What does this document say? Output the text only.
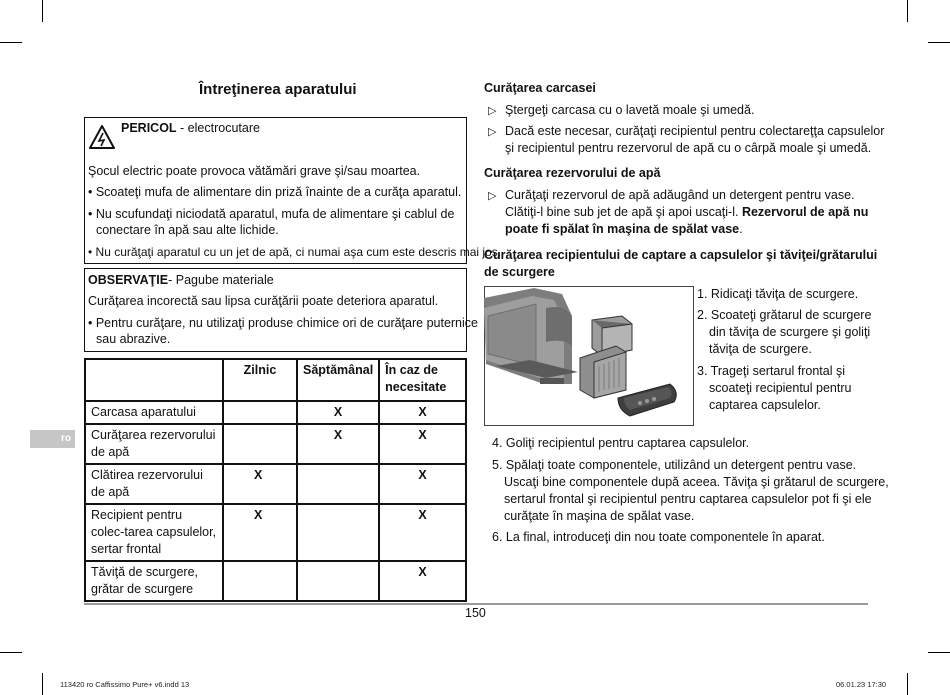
Întreţinerea aparatului
PERICOL - electrocutare
Şocul electric poate provoca vătămări grave şi/sau moartea.
• Scoateţi mufa de alimentare din priză înainte de a curăţa aparatul.
• Nu scufundaţi niciodată aparatul, mufa de alimentare şi cablul de
conectare în apă sau alte lichide.
• Nu curăţaţi aparatul cu un jet de apă, ci numai aşa cum este descris mai jos.
OBSERVAŢIE- Pagube materiale
Curăţarea incorectă sau lipsa curăţării poate deteriora aparatul.
• Pentru curăţare, nu utilizaţi produse chimice ori de curăţare puternice
sau abrazive.
	Zilnic	Săptămânal	În caz de necesitate
Carcasa aparatului		X	X
Curăţarea rezervorului de apă		X	X
Clătirea rezervorului de apă	X		X
Recipient pentru colec-tarea capsulelor, sertar frontal	X		X
Tăviţă de scurgere, grătar de scurgere			X
ro
Curăţarea carcasei
▷ Ştergeţi carcasa cu o lavetă moale şi umedă.
▷ Dacă este necesar, curăţaţi recipientul pentru colectareţţa capsulelor
şi recipientul pentru rezervorul de apă cu o cârpă moale şi umedă.
Curăţarea rezervorului de apă
▷ Curăţaţi rezervorul de apă adăugând un detergent pentru vase.
Clătiţi-l bine sub jet de apă şi apoi uscaţi-l. Rezervorul de apă nu
poate fi spălat în maşina de spălat vase.
Curăţarea recipientului de captare a capsulelor şi tăviţei/grătarului
de scurgere
1. Ridicaţi tăviţa de scurgere.
2. Scoateţi grătarul de scurgere
din tăviţa de scurgere şi goliţi
tăviţa de scurgere.
3. Trageţi sertarul frontal şi
scoateţi recipientul pentru
captarea capsulelor.
4. Goliţi recipientul pentru captarea capsulelor.
5. Spălaţi toate componentele, utilizând un detergent pentru vase.
Uscaţi bine componentele după aceea. Tăviţa şi grătarul de scurgere,
sertarul frontal şi recipientul pentru captarea capsulelor pot fi şi ele
curăţate în maşina de spălat vase.
6. La final, introduceţi din nou toate componentele în aparat.
150
113420 ro Caffissimo Pure+ v6.indd 13	06.01.23 17:30
